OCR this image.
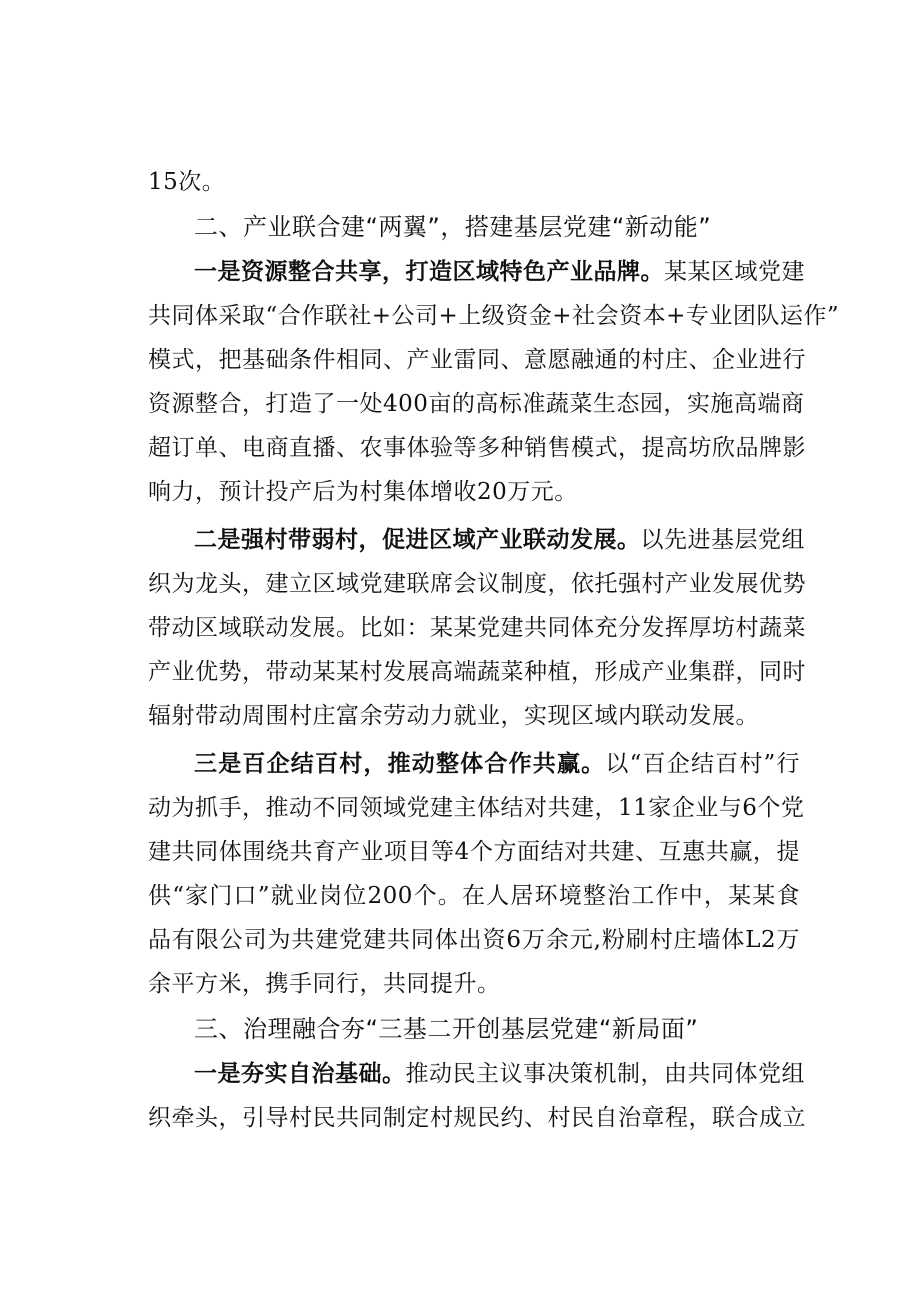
15次。
二、产业联合建“两翼”，搭建基层党建“新动能”
一是资源整合共享，打造区域特色产业品牌。某某区域党建
共同体采取“合作联社+公司+上级资金+社会资本+专业团队运作”
模式，把基础条件相同、产业雷同、意愿融通的村庄、企业进行
资源整合，打造了一处400亩的高标准蔬菜生态园，实施高端商
超订单、电商直播、农事体验等多种销售模式，提高坊欣品牌影
响力，预计投产后为村集体增收20万元。
二是强村带弱村，促进区域产业联动发展。以先进基层党组
织为龙头，建立区域党建联席会议制度，依托强村产业发展优势
带动区域联动发展。比如：某某党建共同体充分发挥厚坊村蔬菜
产业优势，带动某某村发展高端蔬菜种植，形成产业集群，同时
辐射带动周围村庄富余劳动力就业，实现区域内联动发展。
三是百企结百村，推动整体合作共赢。以“百企结百村”行
动为抓手，推动不同领域党建主体结对共建，11家企业与6个党
建共同体围绕共育产业项目等4个方面结对共建、互惠共赢，提
供“家门口”就业岗位200个。在人居环境整治工作中，某某食
品有限公司为共建党建共同体出资6万余元,粉刷村庄墙体L2万
余平方米，携手同行，共同提升。
三、治理融合夯“三基二开创基层党建“新局面”
一是夯实自治基础。推动民主议事决策机制，由共同体党组
织牵头，引导村民共同制定村规民约、村民自治章程，联合成立
